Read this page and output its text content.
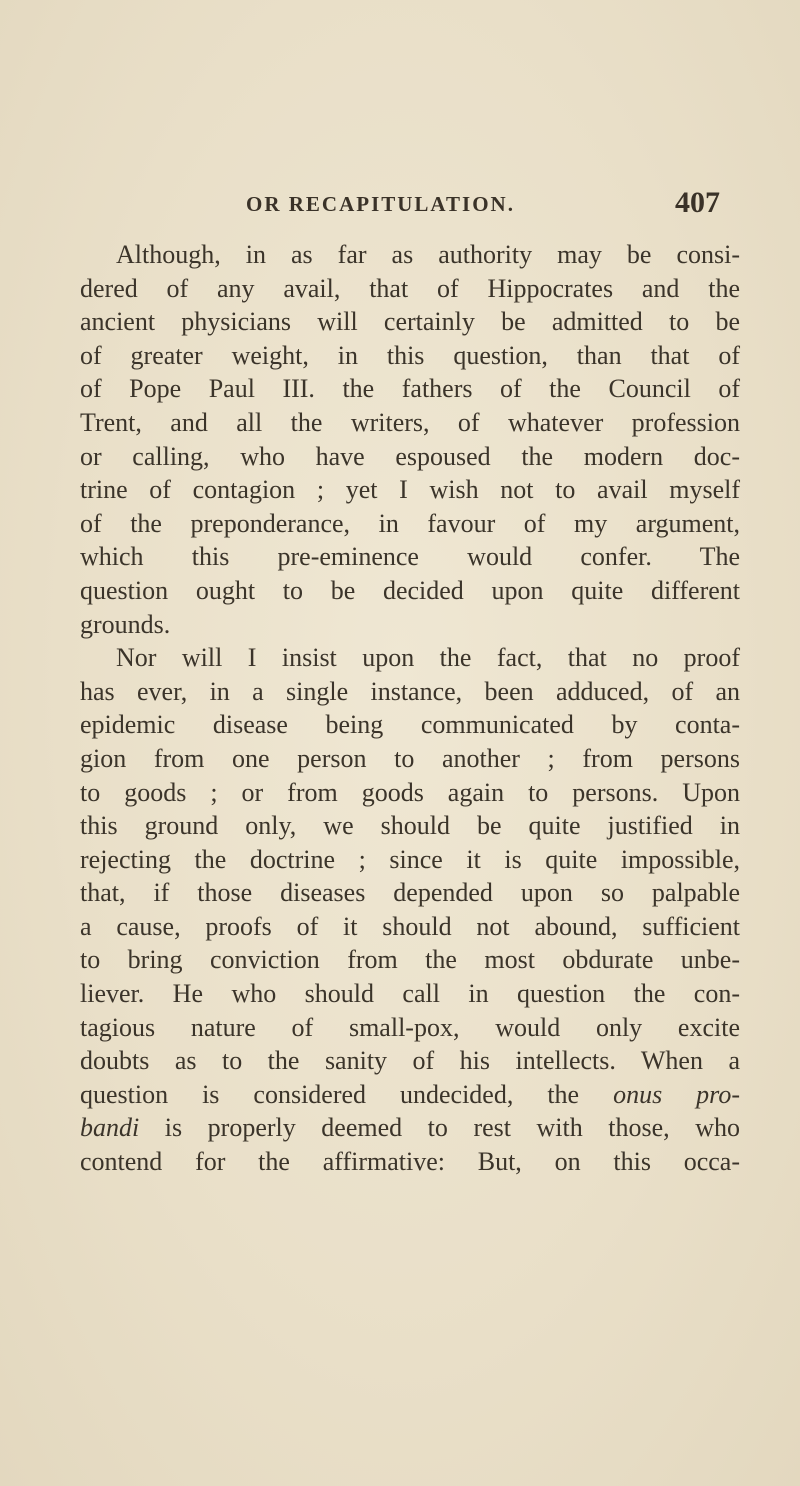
OR RECAPITULATION.	407
Although, in as far as authority may be consi-
dered of any avail, that of Hippocrates and the
ancient physicians will certainly be admitted to be
of greater weight, in this question, than that of
of Pope Paul III. the fathers of the Council of
Trent, and all the writers, of whatever profession
or calling, who have espoused the modern doc-
trine of contagion ; yet I wish not to avail myself
of the preponderance, in favour of my argument,
which this pre-eminence would confer. The
question ought to be decided upon quite different
grounds.
Nor will I insist upon the fact, that no proof
has ever, in a single instance, been adduced, of an
epidemic disease being communicated by conta-
gion from one person to another ; from persons
to goods ; or from goods again to persons. Upon
this ground only, we should be quite justified in
rejecting the doctrine ; since it is quite impossible,
that, if those diseases depended upon so palpable
a cause, proofs of it should not abound, sufficient
to bring conviction from the most obdurate unbe-
liever. He who should call in question the con-
tagious nature of small-pox, would only excite
doubts as to the sanity of his intellects. When a
question is considered undecided, the onus pro-
bandi is properly deemed to rest with those, who
contend for the affirmative: But, on this occa-
